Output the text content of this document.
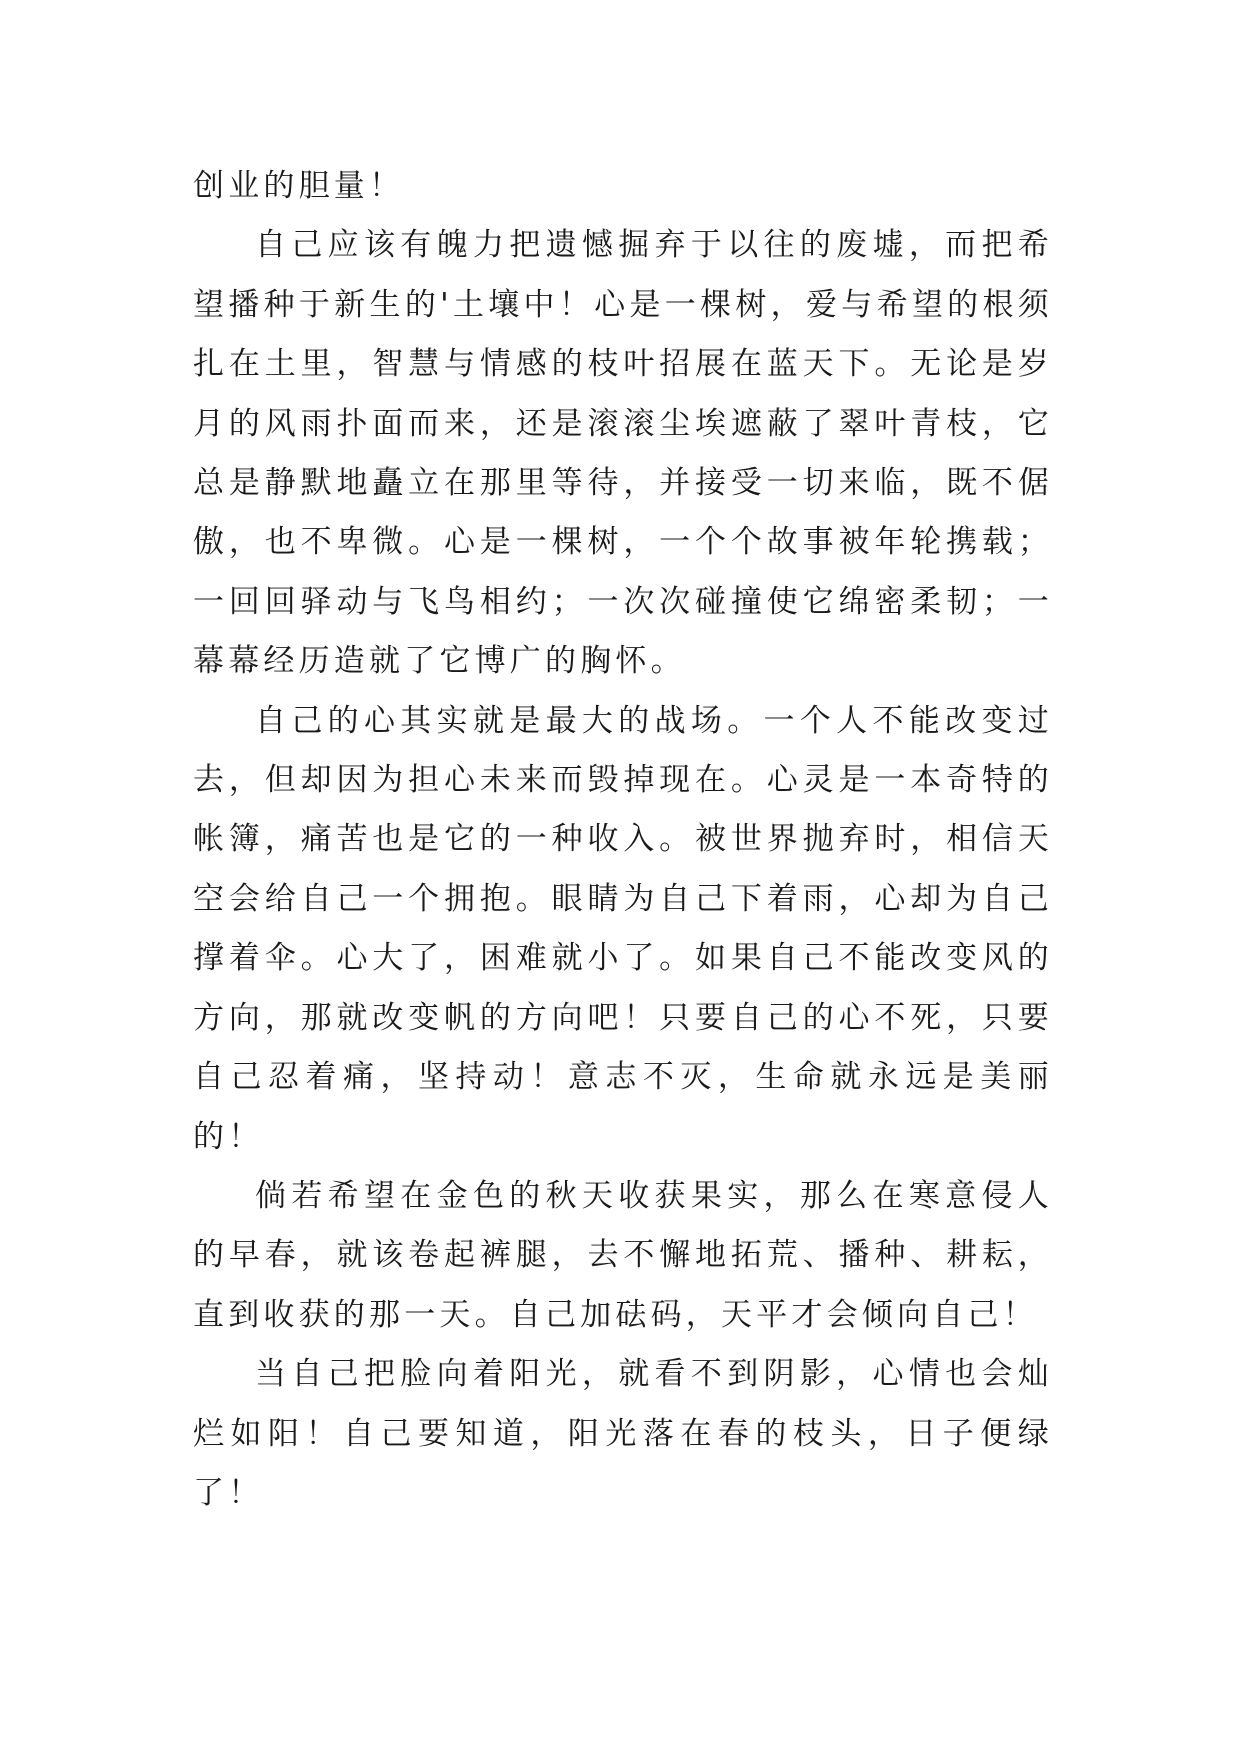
创业的胆量！

自己应该有魄力把遗憾掘弃于以往的废墟，而把希望播种于新生的'土壤中！心是一棵树，爱与希望的根须扎在土里，智慧与情感的枝叶招展在蓝天下。无论是岁月的风雨扑面而来，还是滚滚尘埃遮蔽了翠叶青枝，它总是静默地矗立在那里等待，并接受一切来临，既不倨傲，也不卑微。心是一棵树，一个个故事被年轮携载；一回回驿动与飞鸟相约；一次次碰撞使它绵密柔韧；一幕幕经历造就了它博广的胸怀。

自己的心其实就是最大的战场。一个人不能改变过去，但却因为担心未来而毁掉现在。心灵是一本奇特的帐簿，痛苦也是它的一种收入。被世界抛弃时，相信天空会给自己一个拥抱。眼睛为自己下着雨，心却为自己撑着伞。心大了，困难就小了。如果自己不能改变风的方向，那就改变帆的方向吧！只要自己的心不死，只要自己忍着痛，坚持动！意志不灭，生命就永远是美丽的！

倘若希望在金色的秋天收获果实，那么在寒意侵人的早春，就该卷起裤腿，去不懈地拓荒、播种、耕耘，直到收获的那一天。自己加砝码，天平才会倾向自己！

当自己把脸向着阳光，就看不到阴影，心情也会灿烂如阳！自己要知道，阳光落在春的枝头，日子便绿了！
